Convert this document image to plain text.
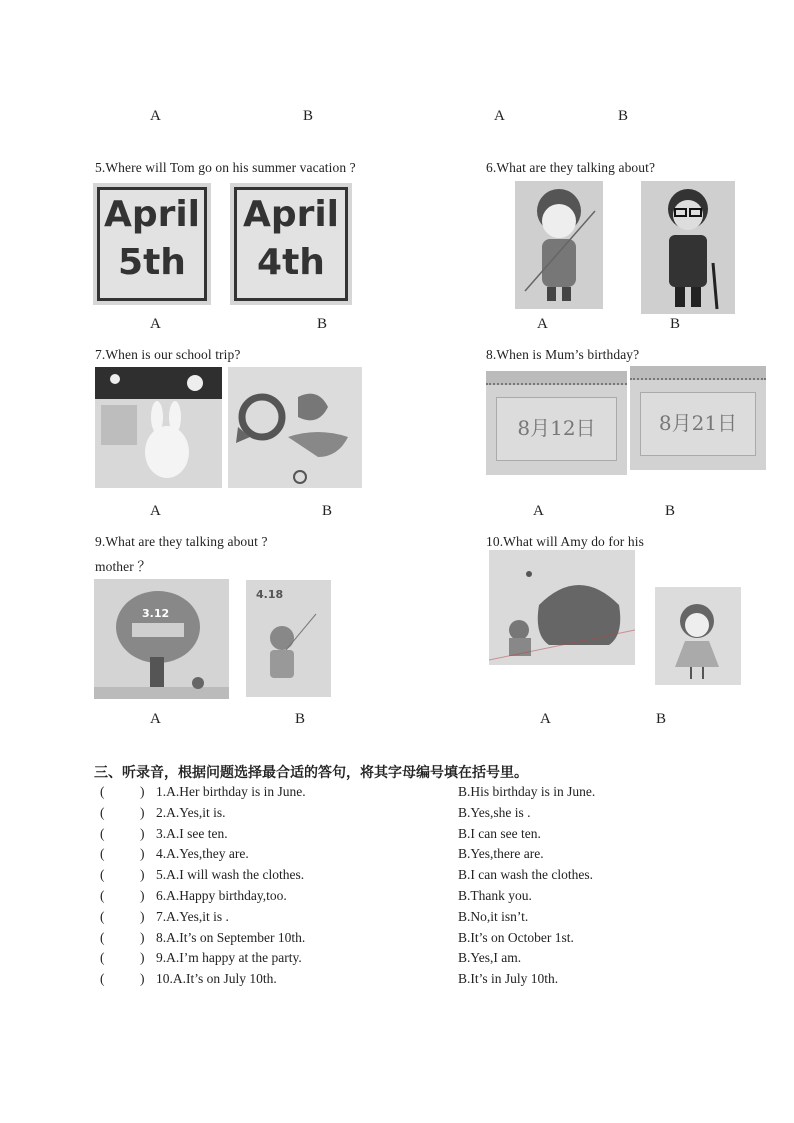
A	B	A	B
5.Where will Tom go on his summer vacation ?
April
5th
April
4th
A	B
6.What are they talking about?
A	B
7.When is our school trip?
A	B
8.When is Mum’s birthday?
8月12日	8月21日
A	B
9.What are they talking about ?
mother ？
3.12
4.18
A	B
10.What will Amy do for his
A	B
三、听录音，根据问题选择最合适的答句，将其字母编号填在括号里。
(	) 1.A.Her birthday is in June.	B.His birthday is in June.
(	) 2.A.Yes,it is.	B.Yes,she is .
(	) 3.A.I see ten.	B.I can see ten.
(	) 4.A.Yes,they are.	B.Yes,there are.
(	) 5.A.I will wash the clothes.	B.I can wash the clothes.
(	) 6.A.Happy birthday,too.	B.Thank you.
(	) 7.A.Yes,it is .	B.No,it isn’t.
(	) 8.A.It’s on September 10th.	B.It’s on October 1st.
(	) 9.A.I’m happy at the party.	B.Yes,I am.
(	) 10.A.It’s on July 10th.	B.It’s in July 10th.
